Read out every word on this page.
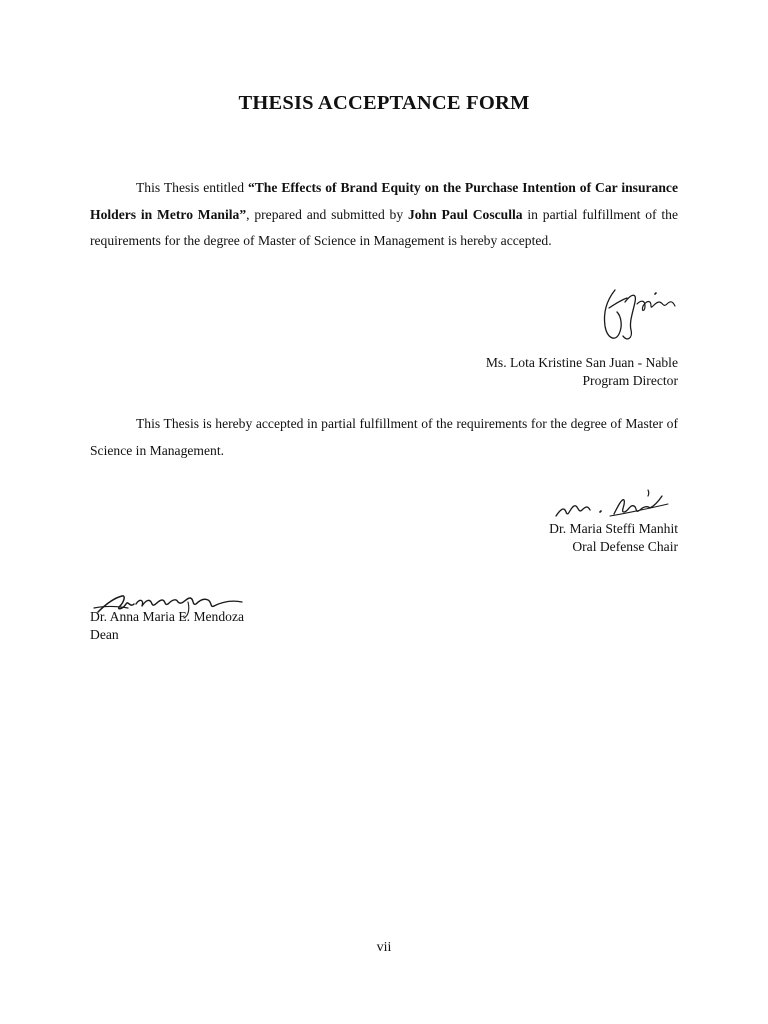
THESIS ACCEPTANCE FORM

This Thesis entitled “The Effects of Brand Equity on the Purchase Intention of Car insurance Holders in Metro Manila”, prepared and submitted by John Paul Cosculla in partial fulfillment of the requirements for the degree of Master of Science in Management is hereby accepted.

Ms. Lota Kristine San Juan - Nable
Program Director

This Thesis is hereby accepted in partial fulfillment of the requirements for the degree of Master of Science in Management.

Dr. Maria Steffi Manhit
Oral Defense Chair
Dr. Anna Maria E. Mendoza
Dean
vii
